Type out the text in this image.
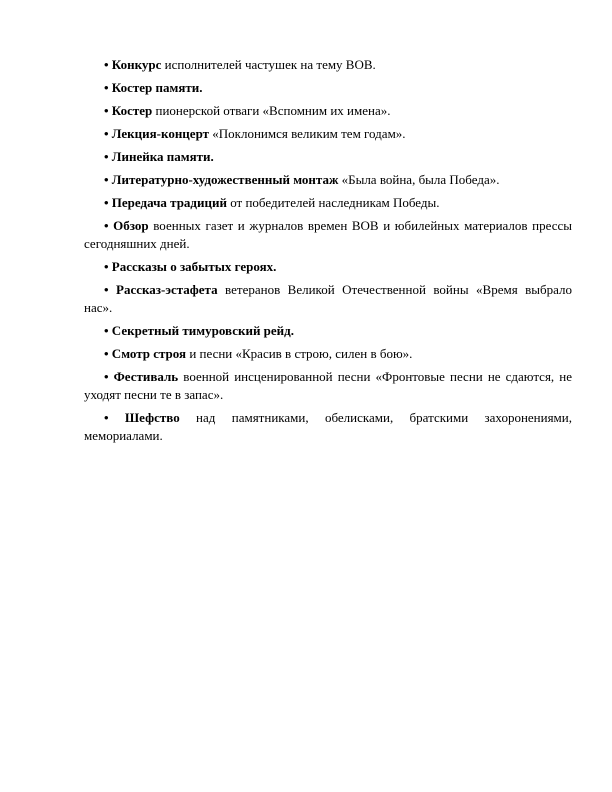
• Конкурс исполнителей частушек на тему ВОВ.

• Костер памяти.

• Костер пионерской отваги «Вспомним их имена».

• Лекция-концерт «Поклонимся великим тем годам».

• Линейка памяти.

• Литературно-художественный монтаж «Была война, была Победа».

• Передача традиций от победителей наследникам Победы.

• Обзор военных газет и журналов времен ВОВ и юбилейных материалов прессы сегодняшних дней.

• Рассказы о забытых героях.

• Рассказ-эстафета ветеранов Великой Отечественной войны «Время выбрало нас».

• Секретный тимуровский рейд.

• Смотр строя и песни «Красив в строю, силен в бою».

• Фестиваль военной инсценированной песни «Фронтовые песни не сдаются, не уходят песни те в запас».

• Шефство над памятниками, обелисками, братскими захоронениями, мемориалами.
